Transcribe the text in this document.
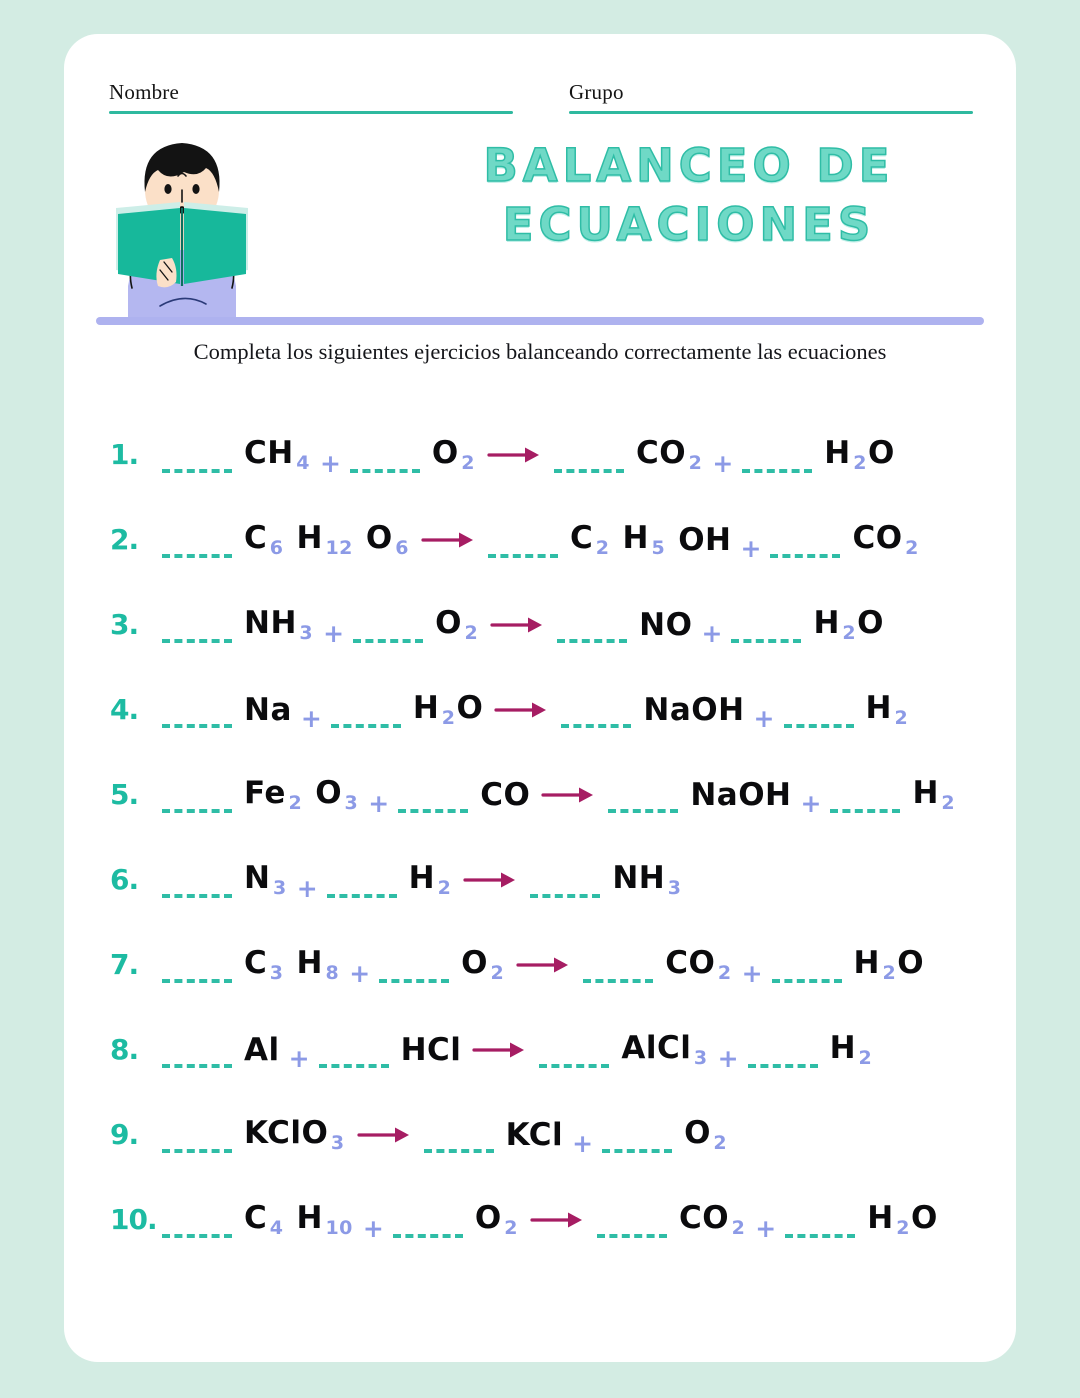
Nombre	Grupo
BALANCEO DE
ECUACIONES
Completa los siguientes ejercicios balanceando correctamente las ecuaciones
1.	CH $_4$ +	O $_2$ →	CO $_2$ +	H $_2$O
2.	C $_6$ H $_{12}$ O $_6$ →	C $_2$ H $_5$ OH +	CO $_2$
3.	NH $_3$ +	O $_2$ →	NO +	H $_2$O
4.	Na +	H $_2$O →	NaOH +	H $_2$
5.	Fe $_2$ O $_3$ +	CO →	NaOH +	H $_2$
6.	N $_3$ +	H $_2$ →	NH $_3$
7.	C $_3$ H $_8$ +	O $_2$ →	CO $_2$ +	H $_2$O
8.	Al +	HCl →	AlCl $_3$ +	H $_2$
9.	KClO $_3$ →	KCl +	O $_2$
10.	C $_4$ H $_{10}$ +	O $_2$ →	CO $_2$ +	H $_2$O
